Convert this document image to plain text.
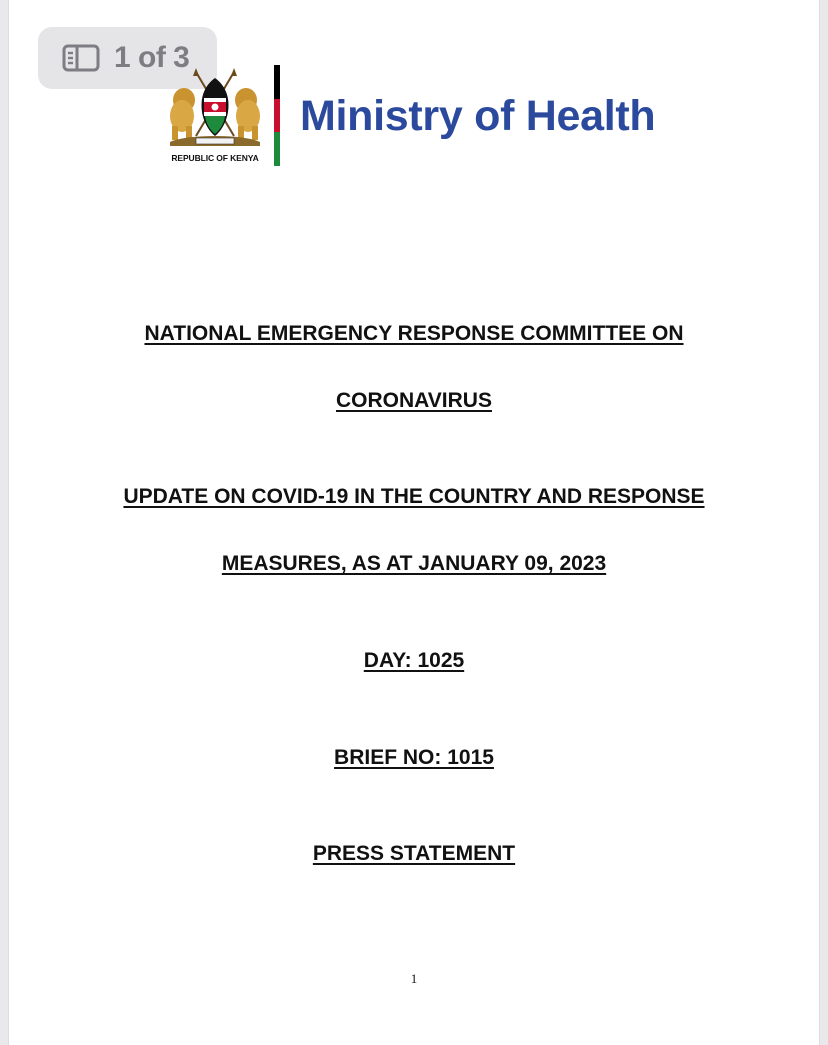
1 of 3
REPUBLIC OF KENYA
Ministry of Health
NATIONAL EMERGENCY RESPONSE COMMITTEE ON
CORONAVIRUS
UPDATE ON COVID-19 IN THE COUNTRY AND RESPONSE
MEASURES, AS AT JANUARY 09, 2023
DAY: 1025
BRIEF NO: 1015
PRESS STATEMENT
1
